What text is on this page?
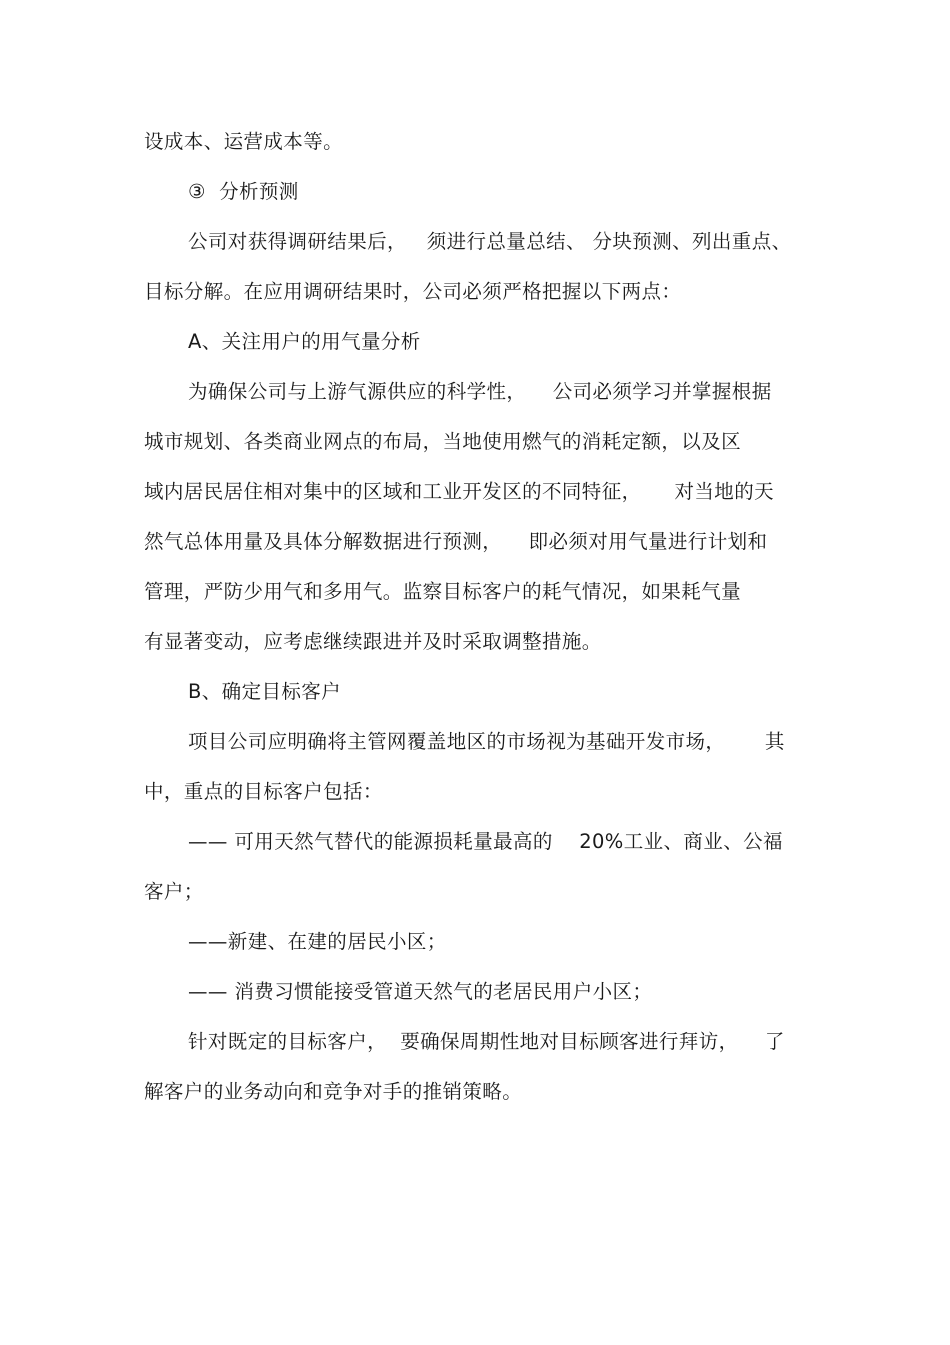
设成本、运营成本等。
③  分析预测
公司对获得调研结果后，   须进行总量总结、 分块预测、列出重点、
目标分解。在应用调研结果时，公司必须严格把握以下两点：
A、关注用户的用气量分析
为确保公司与上游气源供应的科学性，    公司必须学习并掌握根据
城市规划、各类商业网点的布局，当地使用燃气的消耗定额，以及区
域内居民居住相对集中的区域和工业开发区的不同特征，     对当地的天
然气总体用量及具体分解数据进行预测，    即必须对用气量进行计划和
管理，严防少用气和多用气。监察目标客户的耗气情况，如果耗气量
有显著变动，应考虑继续跟进并及时采取调整措施。
B、确定目标客户
项目公司应明确将主管网覆盖地区的市场视为基础开发市场，      其
中，重点的目标客户包括：
—— 可用天然气替代的能源损耗量最高的    20%工业、商业、公福
客户；
——新建、在建的居民小区；
—— 消费习惯能接受管道天然气的老居民用户小区；
针对既定的目标客户，  要确保周期性地对目标顾客进行拜访，    了
解客户的业务动向和竞争对手的推销策略。
